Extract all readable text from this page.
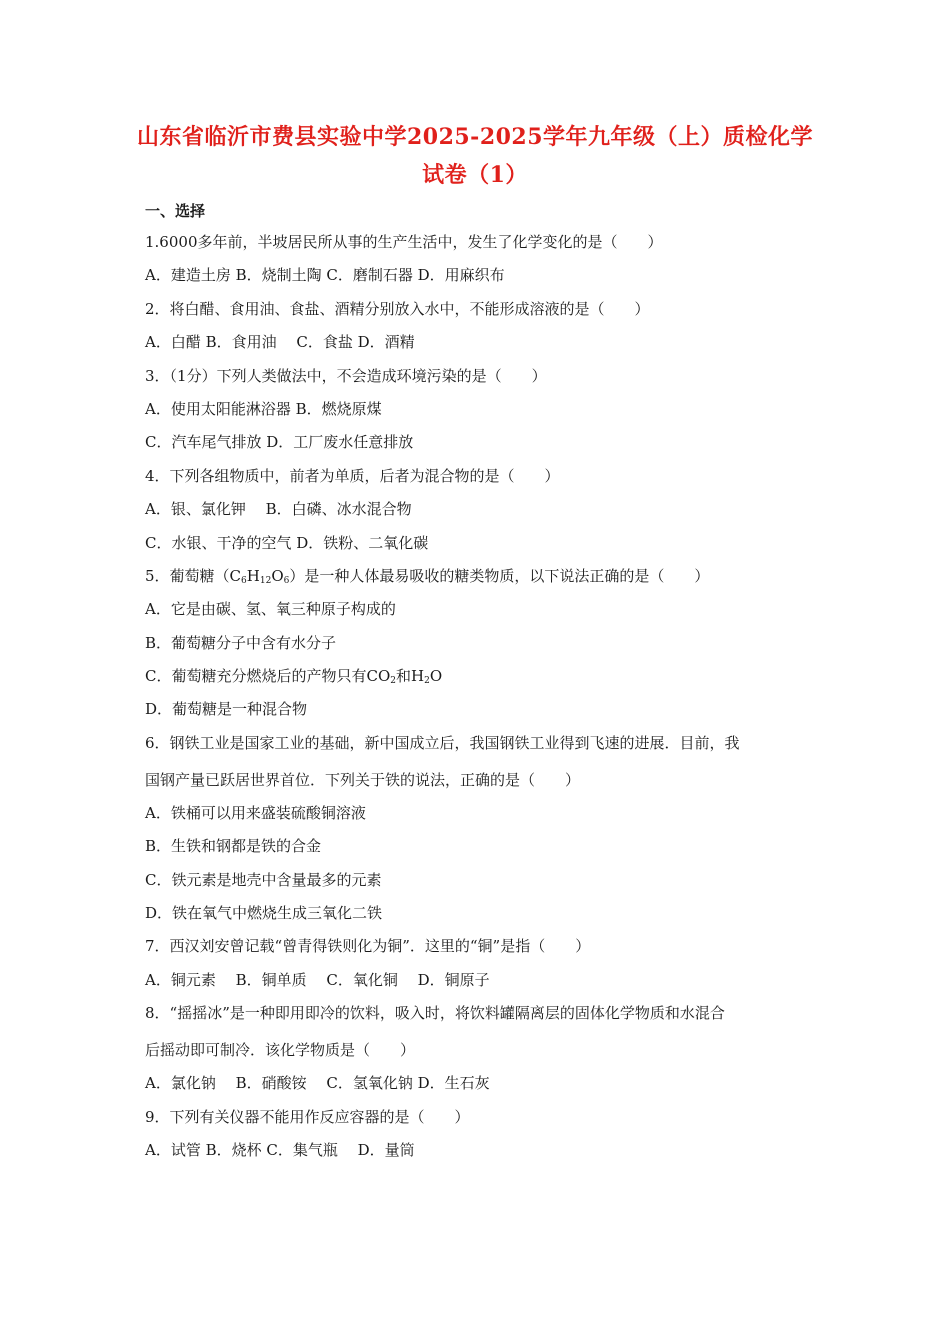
山东省临沂市费县实验中学2025-2025学年九年级（上）质检化学
试卷（1）
一、选择
1.6000多年前，半坡居民所从事的生产生活中，发生了化学变化的是（　　）
A．建造土房 B．烧制土陶 C．磨制石器 D．用麻织布
2．将白醋、食用油、食盐、酒精分别放入水中，不能形成溶液的是（　　）
A．白醋 B．食用油　 C．食盐 D．酒精
3．（1分）下列人类做法中，不会造成环境污染的是（　　）
A．使用太阳能淋浴器 B．燃烧原煤
C．汽车尾气排放 D．工厂废水任意排放
4．下列各组物质中，前者为单质，后者为混合物的是（　　）
A．银、氯化钾　 B．白磷、冰水混合物
C．水银、干净的空气 D．铁粉、二氧化碳
5．葡萄糖$(C_6H_{12}O_6)$是一种人体最易吸收的糖类物质，以下说法正确的是（　　）
A．它是由碳、氢、氧三种原子构成的
B．葡萄糖分子中含有水分子
C．葡萄糖充分燃烧后的产物只有$CO_2$和$H_2O$
D．葡萄糖是一种混合物
6．钢铁工业是国家工业的基础，新中国成立后，我国钢铁工业得到飞速的进展．目前，我
国钢产量已跃居世界首位．下列关于铁的说法，正确的是（　　）
A．铁桶可以用来盛装硫酸铜溶液
B．生铁和钢都是铁的合金
C．铁元素是地壳中含量最多的元素
D．铁在氧气中燃烧生成三氧化二铁
7．西汉刘安曾记载“曾青得铁则化为铜”．这里的“铜”是指（　　）
A．铜元素　 B．铜单质　 C．氧化铜　 D．铜原子
8．“摇摇冰”是一种即用即冷的饮料，吸入时，将饮料罐隔离层的固体化学物质和水混合
后摇动即可制冷．该化学物质是（　　）
A．氯化钠　 B．硝酸铵　 C．氢氧化钠 D．生石灰
9．下列有关仪器不能用作反应容器的是（　　）
A．试管 B．烧杯 C．集气瓶　 D．量筒
